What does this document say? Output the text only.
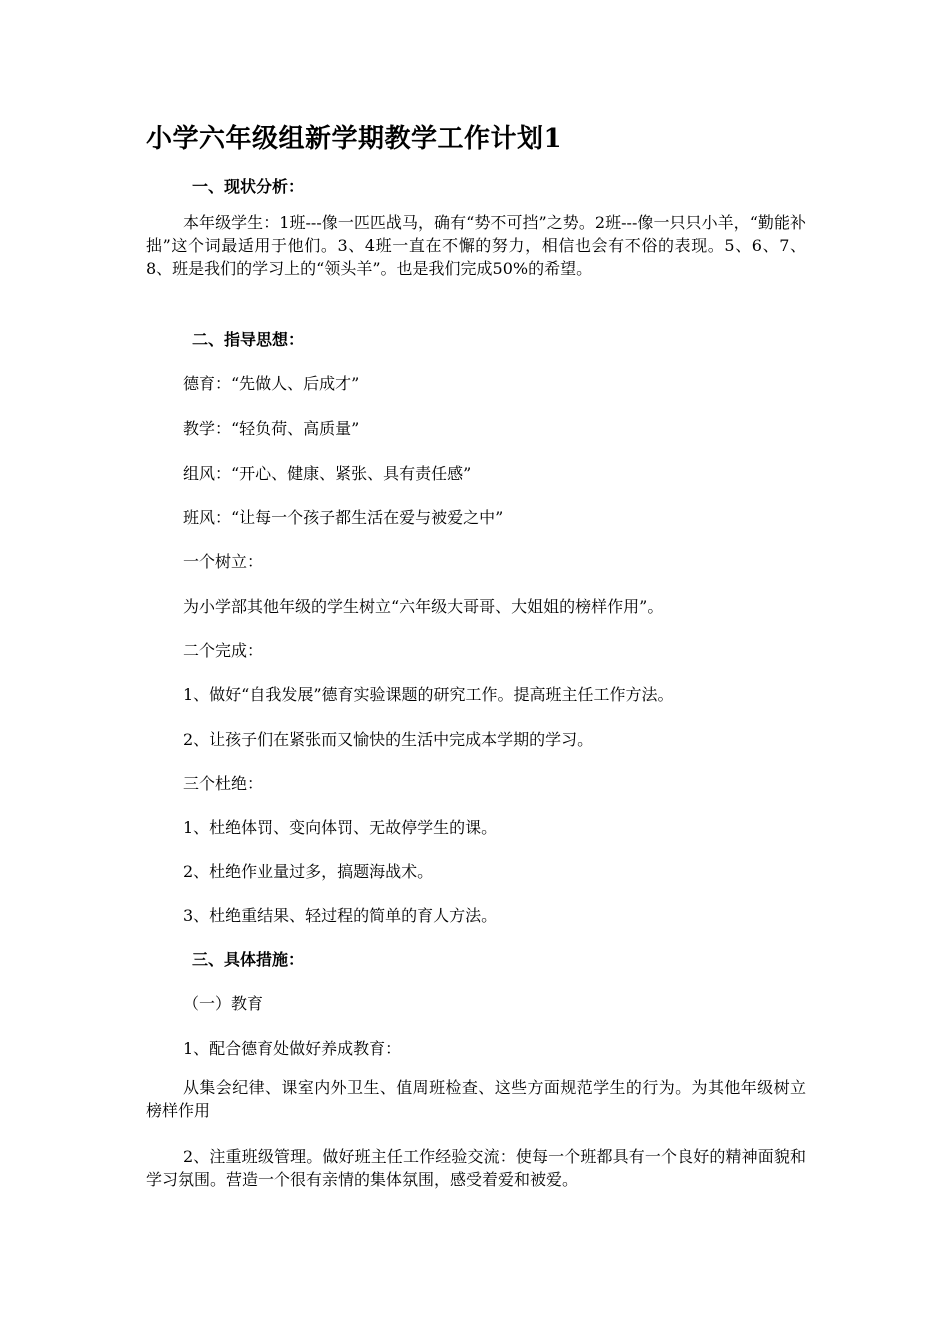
小学六年级组新学期教学工作计划1
一、现状分析：
本年级学生：1班---像一匹匹战马，确有“势不可挡”之势。2班---像一只只小羊，“勤能补拙”这个词最适用于他们。3、4班一直在不懈的努力，相信也会有不俗的表现。5、6、7、8、班是我们的学习上的“领头羊”。也是我们完成50%的希望。
二、指导思想：
德育：“先做人、后成才”
教学：“轻负荷、高质量”
组风：“开心、健康、紧张、具有责任感”
班风：“让每一个孩子都生活在爱与被爱之中”
一个树立：
为小学部其他年级的学生树立“六年级大哥哥、大姐姐的榜样作用”。
二个完成：
1、做好“自我发展”德育实验课题的研究工作。提高班主任工作方法。
2、让孩子们在紧张而又愉快的生活中完成本学期的学习。
三个杜绝：
1、杜绝体罚、变向体罚、无故停学生的课。
2、杜绝作业量过多，搞题海战术。
3、杜绝重结果、轻过程的简单的育人方法。
三、具体措施：
（一）教育
1、配合德育处做好养成教育：
从集会纪律、课室内外卫生、值周班检查、这些方面规范学生的行为。为其他年级树立榜样作用
2、注重班级管理。做好班主任工作经验交流：使每一个班都具有一个良好的精神面貌和学习氛围。营造一个很有亲情的集体氛围，感受着爱和被爱。
